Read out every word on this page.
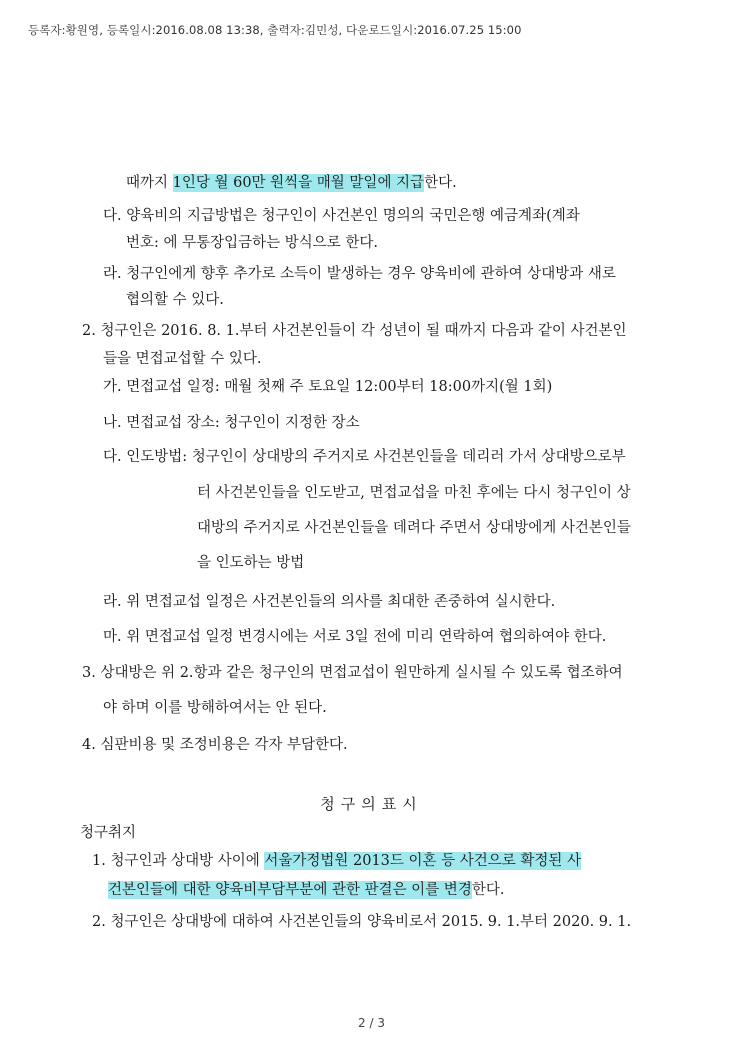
등록자:황원영, 등록일시:2016.08.08 13:38, 출력자:김민성, 다운로드일시:2016.07.25 15:00
때까지 1인당 월 60만 원씩을 매월 말일에 지급한다.
다. 양육비의 지급방법은 청구인이 사건본인 명의의 국민은행 예금계좌(계좌
번호: 에 무통장입금하는 방식으로 한다.
라. 청구인에게 향후 추가로 소득이 발생하는 경우 양육비에 관하여 상대방과 새로
협의할 수 있다.
2. 청구인은 2016. 8. 1.부터 사건본인들이 각 성년이 될 때까지 다음과 같이 사건본인
들을 면접교섭할 수 있다.
가. 면접교섭 일정: 매월 첫째 주 토요일 12:00부터 18:00까지(월 1회)
나. 면접교섭 장소: 청구인이 지정한 장소
다. 인도방법: 청구인이 상대방의 주거지로 사건본인들을 데리러 가서 상대방으로부
터 사건본인들을 인도받고, 면접교섭을 마친 후에는 다시 청구인이 상
대방의 주거지로 사건본인들을 데려다 주면서 상대방에게 사건본인들
을 인도하는 방법
라. 위 면접교섭 일정은 사건본인들의 의사를 최대한 존중하여 실시한다.
마. 위 면접교섭 일정 변경시에는 서로 3일 전에 미리 연락하여 협의하여야 한다.
3. 상대방은 위 2.항과 같은 청구인의 면접교섭이 원만하게 실시될 수 있도록 협조하여
야 하며 이를 방해하여서는 안 된다.
4. 심판비용 및 조정비용은 각자 부담한다.
청구의표시
청구취지
1. 청구인과 상대방 사이에 서울가정법원 2013드 이혼 등 사건으로 확정된 사
건본인들에 대한 양육비부담부분에 관한 판결은 이를 변경한다.
2. 청구인은 상대방에 대하여 사건본인들의 양육비로서 2015. 9. 1.부터 2020. 9. 1.
2 / 3
